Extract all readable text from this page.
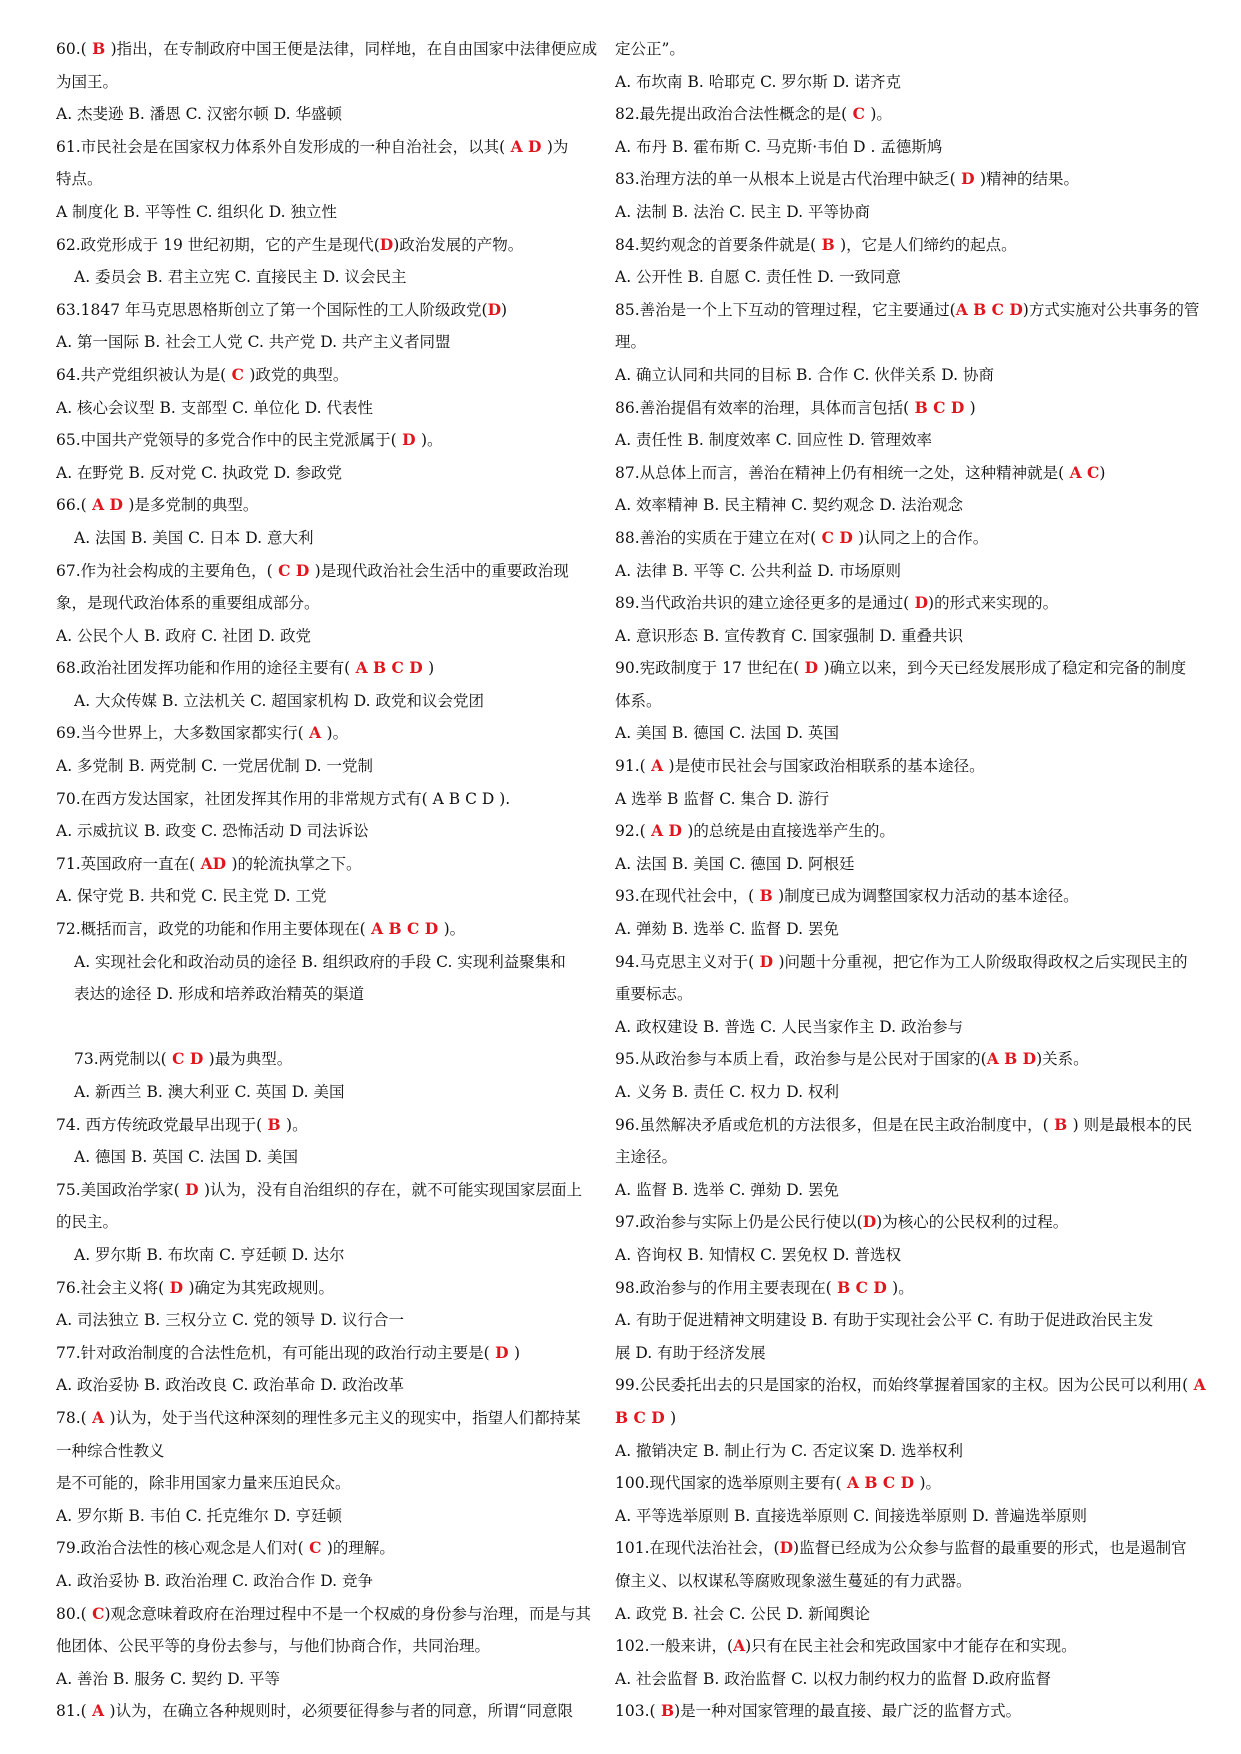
60.( B )指出，在专制政府中国王便是法律，同样地，在自由国家中法律便应成
为国王。
A. 杰斐逊 B. 潘恩 C. 汉密尔顿 D. 华盛顿
61.市民社会是在国家权力体系外自发形成的一种自治社会，以其( A D )为
特点。
A 制度化 B. 平等性 C. 组织化 D. 独立性
62.政党形成于 19 世纪初期，它的产生是现代(D)政治发展的产物。
A. 委员会 B. 君主立宪 C. 直接民主 D. 议会民主
63.1847 年马克思恩格斯创立了第一个国际性的工人阶级政党(D)
A. 第一国际 B. 社会工人党 C. 共产党 D. 共产主义者同盟
64.共产党组织被认为是( C )政党的典型。
A. 核心会议型 B. 支部型 C. 单位化 D. 代表性
65.中国共产党领导的多党合作中的民主党派属于( D )。
A. 在野党 B. 反对党 C. 执政党 D. 参政党
66.( A D )是多党制的典型。
A. 法国 B. 美国 C. 日本 D. 意大利
67.作为社会构成的主要角色，( C D )是现代政治社会生活中的重要政治现
象，是现代政治体系的重要组成部分。
A. 公民个人 B. 政府 C. 社团 D. 政党
68.政治社团发挥功能和作用的途径主要有( A B C D )
A. 大众传媒 B. 立法机关 C. 超国家机构 D. 政党和议会党团
69.当今世界上，大多数国家都实行( A )。
A. 多党制 B. 两党制 C. 一党居优制 D. 一党制
70.在西方发达国家，社团发挥其作用的非常规方式有( A B C D ).
A. 示威抗议 B. 政变 C. 恐怖活动 D 司法诉讼
71.英国政府一直在( AD )的轮流执掌之下。
A. 保守党 B. 共和党 C. 民主党 D. 工党
72.概括而言，政党的功能和作用主要体现在( A B C D )。
A. 实现社会化和政治动员的途径 B. 组织政府的手段 C. 实现利益聚集和
表达的途径 D. 形成和培养政治精英的渠道
73.两党制以( C D )最为典型。
A. 新西兰 B. 澳大利亚 C. 英国 D. 美国
74. 西方传统政党最早出现于( B )。
A. 德国 B. 英国 C. 法国 D. 美国
75.美国政治学家( D )认为，没有自治组织的存在，就不可能实现国家层面上
的民主。
A. 罗尔斯 B. 布坎南 C. 亨廷顿 D. 达尔
76.社会主义将( D )确定为其宪政规则。
A. 司法独立 B. 三权分立 C. 党的领导 D. 议行合一
77.针对政治制度的合法性危机，有可能出现的政治行动主要是( D )
A. 政治妥协 B. 政治改良 C. 政治革命 D. 政治改革
78.( A )认为，处于当代这种深刻的理性多元主义的现实中，指望人们都持某
一种综合性教义
是不可能的，除非用国家力量来压迫民众。
A. 罗尔斯 B. 韦伯 C. 托克维尔 D. 亨廷顿
79.政治合法性的核心观念是人们对( C )的理解。
A. 政治妥协 B. 政治治理 C. 政治合作 D. 竞争
80.( C)观念意味着政府在治理过程中不是一个权威的身份参与治理，而是与其
他团体、公民平等的身份去参与，与他们协商合作，共同治理。
A. 善治 B. 服务 C. 契约 D. 平等
81.( A )认为，在确立各种规则时，必须要征得参与者的同意，所谓“同意限
定公正”。
A. 布坎南 B. 哈耶克 C. 罗尔斯 D. 诺齐克
82.最先提出政治合法性概念的是( C )。
A. 布丹 B. 霍布斯 C. 马克斯·韦伯 D . 孟德斯鸠
83.治理方法的单一从根本上说是古代治理中缺乏( D )精神的结果。
A. 法制 B. 法治 C. 民主 D. 平等协商
84.契约观念的首要条件就是( B )，它是人们缔约的起点。
A. 公开性 B. 自愿 C. 责任性 D. 一致同意
85.善治是一个上下互动的管理过程，它主要通过(A B C D)方式实施对公共事务的管
理。
A. 确立认同和共同的目标 B. 合作 C. 伙伴关系 D. 协商
86.善治提倡有效率的治理，具体而言包括( B C D )
A. 责任性 B. 制度效率 C. 回应性 D. 管理效率
87.从总体上而言，善治在精神上仍有相统一之处，这种精神就是( A C)
A. 效率精神 B. 民主精神 C. 契约观念 D. 法治观念
88.善治的实质在于建立在对( C D )认同之上的合作。
A. 法律 B. 平等 C. 公共利益 D. 市场原则
89.当代政治共识的建立途径更多的是通过( D)的形式来实现的。
A. 意识形态 B. 宣传教育 C. 国家强制 D. 重叠共识
90.宪政制度于 17 世纪在( D )确立以来，到今天已经发展形成了稳定和完备的制度
体系。
A. 美国 B. 德国 C. 法国 D. 英国
91.( A )是使市民社会与国家政治相联系的基本途径。
A 选举 B 监督 C. 集合 D. 游行
92.( A D )的总统是由直接选举产生的。
A. 法国 B. 美国 C. 德国 D. 阿根廷
93.在现代社会中，( B )制度已成为调整国家权力活动的基本途径。
A. 弹劾 B. 选举 C. 监督 D. 罢免
94.马克思主义对于( D )问题十分重视，把它作为工人阶级取得政权之后实现民主的
重要标志。
A. 政权建设 B. 普选 C. 人民当家作主 D. 政治参与
95.从政治参与本质上看，政治参与是公民对于国家的(A B D)关系。
A. 义务 B. 责任 C. 权力 D. 权利
96.虽然解决矛盾或危机的方法很多，但是在民主政治制度中，( B ) 则是最根本的民
主途径。
A. 监督 B. 选举 C. 弹劾 D. 罢免
97.政治参与实际上仍是公民行使以(D)为核心的公民权利的过程。
A. 咨询权 B. 知情权 C. 罢免权 D. 普选权
98.政治参与的作用主要表现在( B C D )。
A. 有助于促进精神文明建设 B. 有助于实现社会公平 C. 有助于促进政治民主发
展 D. 有助于经济发展
99.公民委托出去的只是国家的治权，而始终掌握着国家的主权。因为公民可以利用( A
B C D )
A. 撤销决定 B. 制止行为 C. 否定议案 D. 选举权利
100.现代国家的选举原则主要有( A B C D )。
A. 平等选举原则 B. 直接选举原则 C. 间接选举原则 D. 普遍选举原则
101.在现代法治社会，(D)监督已经成为公众参与监督的最重要的形式，也是遏制官
僚主义、以权谋私等腐败现象滋生蔓延的有力武器。
A. 政党 B. 社会 C. 公民 D. 新闻舆论
102.一般来讲，(A)只有在民主社会和宪政国家中才能存在和实现。
A. 社会监督 B. 政治监督 C. 以权力制约权力的监督 D.政府监督
103.( B)是一种对国家管理的最直接、最广泛的监督方式。
